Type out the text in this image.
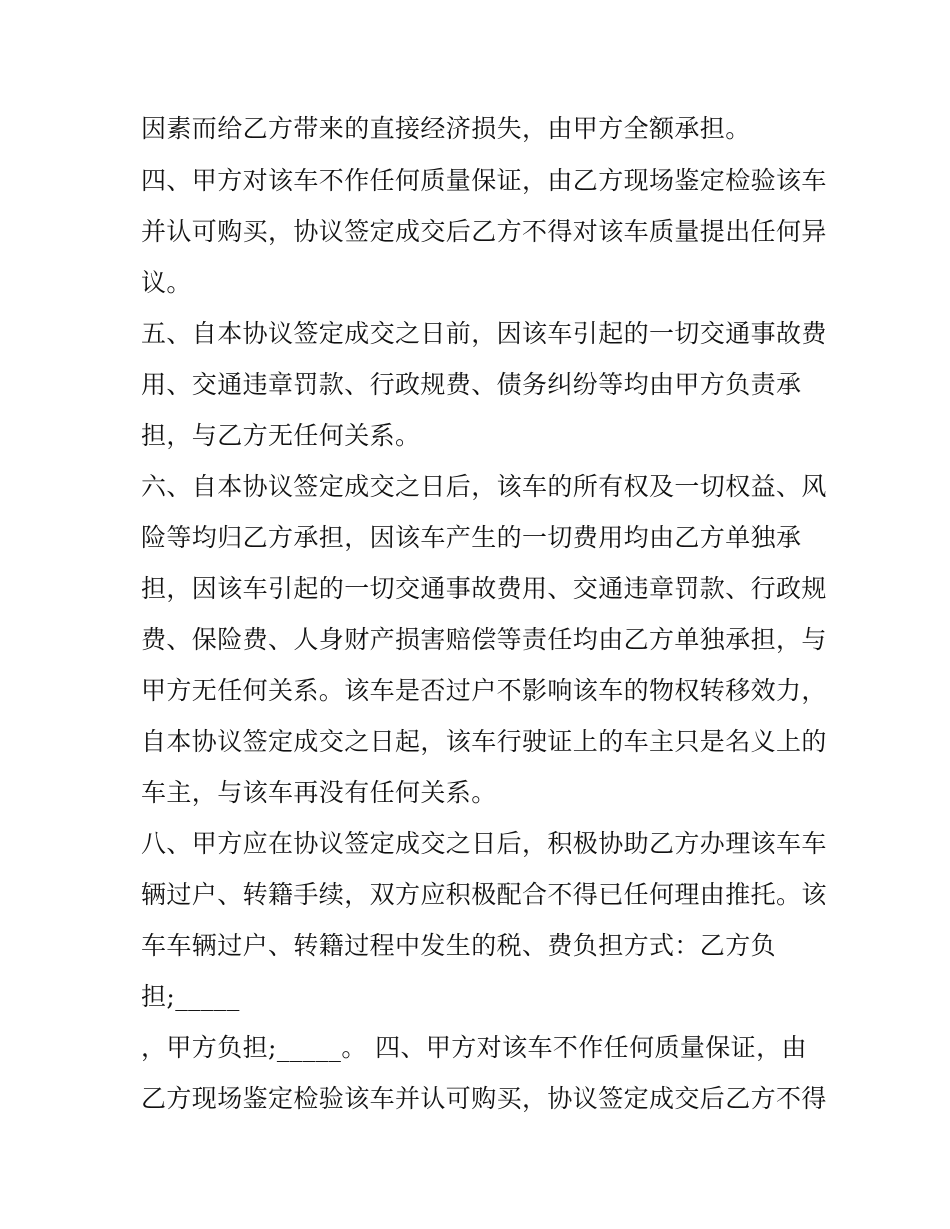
因素而给乙方带来的直接经济损失，由甲方全额承担。

四、甲方对该车不作任何质量保证，由乙方现场鉴定检验该车

并认可购买，协议签定成交后乙方不得对该车质量提出任何异

议。

五、自本协议签定成交之日前，因该车引起的一切交通事故费

用、交通违章罚款、行政规费、债务纠纷等均由甲方负责承

担，与乙方无任何关系。

六、自本协议签定成交之日后，该车的所有权及一切权益、风

险等均归乙方承担，因该车产生的一切费用均由乙方单独承

担，因该车引起的一切交通事故费用、交通违章罚款、行政规

费、保险费、人身财产损害赔偿等责任均由乙方单独承担，与

甲方无任何关系。该车是否过户不影响该车的物权转移效力，

自本协议签定成交之日起，该车行驶证上的车主只是名义上的

车主，与该车再没有任何关系。

八、甲方应在协议签定成交之日后，积极协助乙方办理该车车

辆过户、转籍手续，双方应积极配合不得已任何理由推托。该

车车辆过户、转籍过程中发生的税、费负担方式：乙方负

担;_____

，甲方负担;_____。 四、甲方对该车不作任何质量保证，由

乙方现场鉴定检验该车并认可购买，协议签定成交后乙方不得
